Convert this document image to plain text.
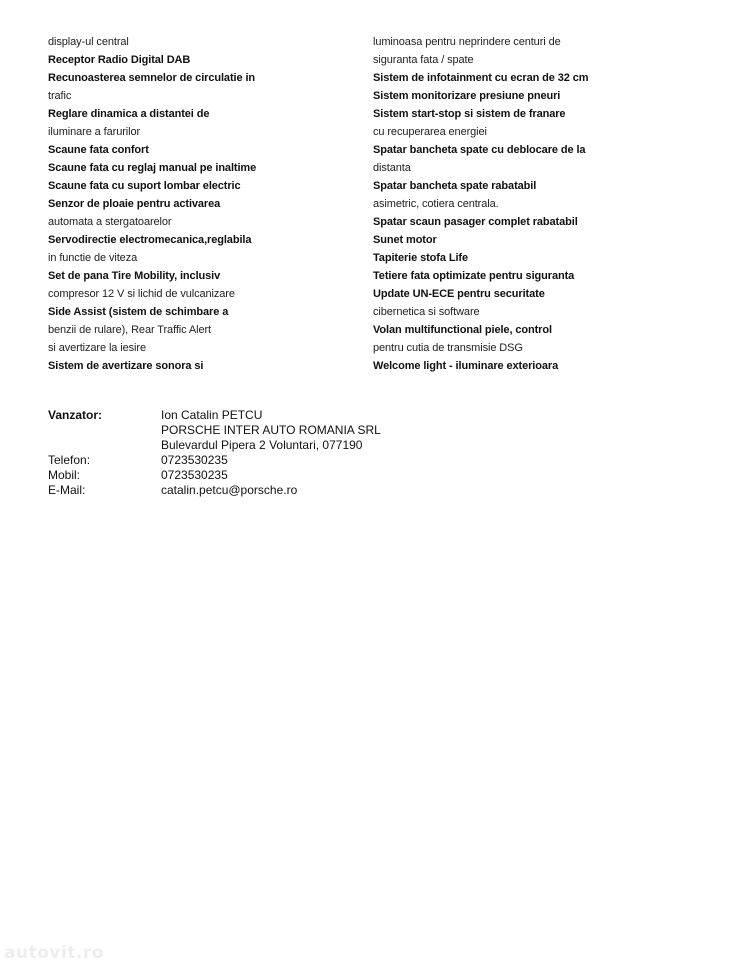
display-ul central
Receptor Radio Digital DAB
Recunoasterea semnelor de circulatie in
trafic
Reglare dinamica a distantei de
iluminare a farurilor
Scaune fata confort
Scaune fata cu reglaj manual pe inaltime
Scaune fata cu suport lombar electric
Senzor de ploaie pentru activarea
automata a stergatoarelor
Servodirectie electromecanica,reglabila
in functie de viteza
Set de pana Tire Mobility, inclusiv
compresor 12 V si lichid de vulcanizare
Side Assist (sistem de schimbare a
benzii de rulare), Rear Traffic Alert
si avertizare la iesire
Sistem de avertizare sonora si
luminoasa pentru neprindere centuri de
siguranta fata / spate
Sistem de infotainment cu ecran de 32 cm
Sistem monitorizare presiune pneuri
Sistem start-stop si sistem de franare
cu recuperarea energiei
Spatar bancheta spate cu deblocare de la
distanta
Spatar bancheta spate rabatabil
asimetric, cotiera centrala.
Spatar scaun pasager complet rabatabil
Sunet motor
Tapiterie stofa Life
Tetiere fata optimizate pentru siguranta
Update UN-ECE pentru securitate
cibernetica si software
Volan multifunctional piele, control
pentru cutia de transmisie DSG
Welcome light - iluminare exterioara
Vanzator:	Ion Catalin PETCU
PORSCHE INTER AUTO ROMANIA SRL
Bulevardul Pipera 2 Voluntari, 077190
Telefon:	0723530235
Mobil:	0723530235
E-Mail:	catalin.petcu@porsche.ro
autovit.ro
